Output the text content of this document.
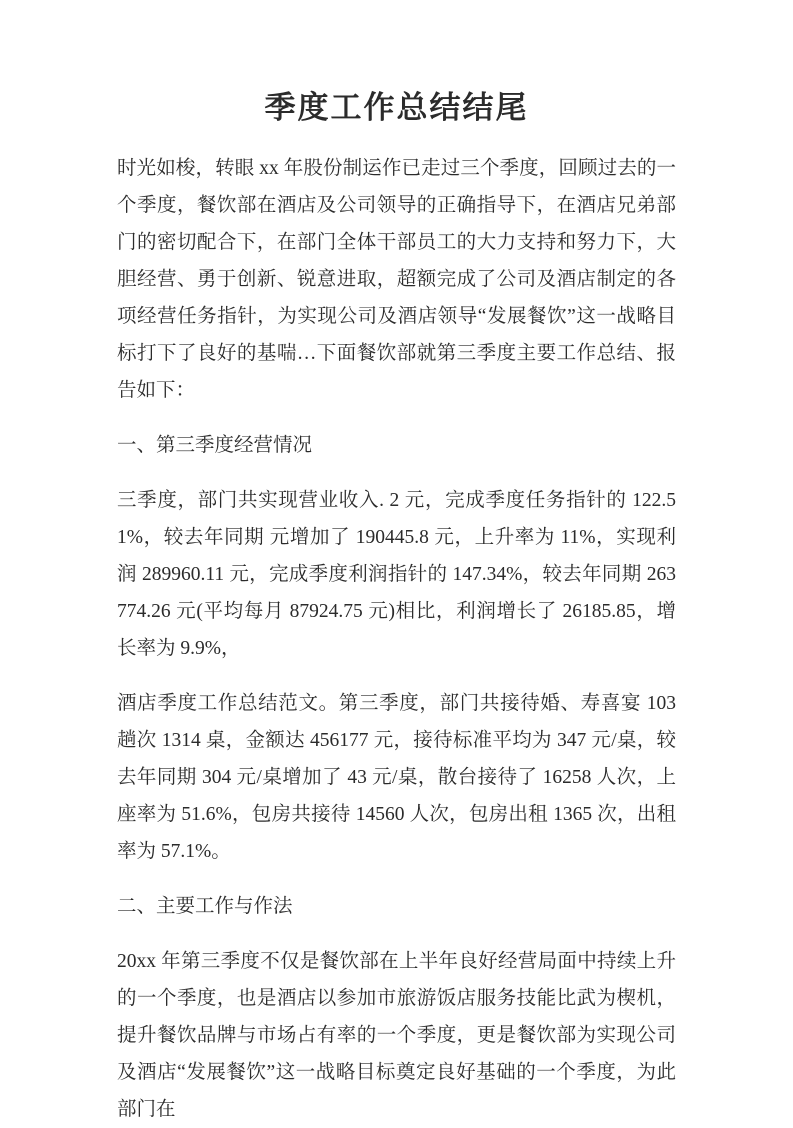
季度工作总结结尾

时光如梭，转眼 xx 年股份制运作已走过三个季度，回顾过去的一个季度，餐饮部在酒店及公司领导的正确指导下，在酒店兄弟部门的密切配合下，在部门全体干部员工的大力支持和努力下，大胆经营、勇于创新、锐意进取，超额完成了公司及酒店制定的各项经营任务指针，为实现公司及酒店领导“发展餐饮”这一战略目标打下了良好的基喘…下面餐饮部就第三季度主要工作总结、报告如下：

一、第三季度经营情况

三季度，部门共实现营业收入. 2 元，完成季度任务指针的 122.51%，较去年同期 元增加了 190445.8 元，上升率为 11%，实现利润 289960.11 元，完成季度利润指针的 147.34%，较去年同期 263774.26 元(平均每月 87924.75 元)相比，利润增长了 26185.85，增长率为 9.9%，

酒店季度工作总结范文。第三季度，部门共接待婚、寿喜宴 103 趟次 1314 桌，金额达 456177 元，接待标准平均为 347 元/桌，较去年同期 304 元/桌增加了 43 元/桌，散台接待了 16258 人次，上座率为 51.6%，包房共接待 14560 人次，包房出租 1365 次，出租率为 57.1%。

二、主要工作与作法

20xx 年第三季度不仅是餐饮部在上半年良好经营局面中持续上升的一个季度，也是酒店以参加市旅游饭店服务技能比武为楔机，提升餐饮品牌与市场占有率的一个季度，更是餐饮部为实现公司及酒店“发展餐饮”这一战略目标奠定良好基础的一个季度，为此部门在
